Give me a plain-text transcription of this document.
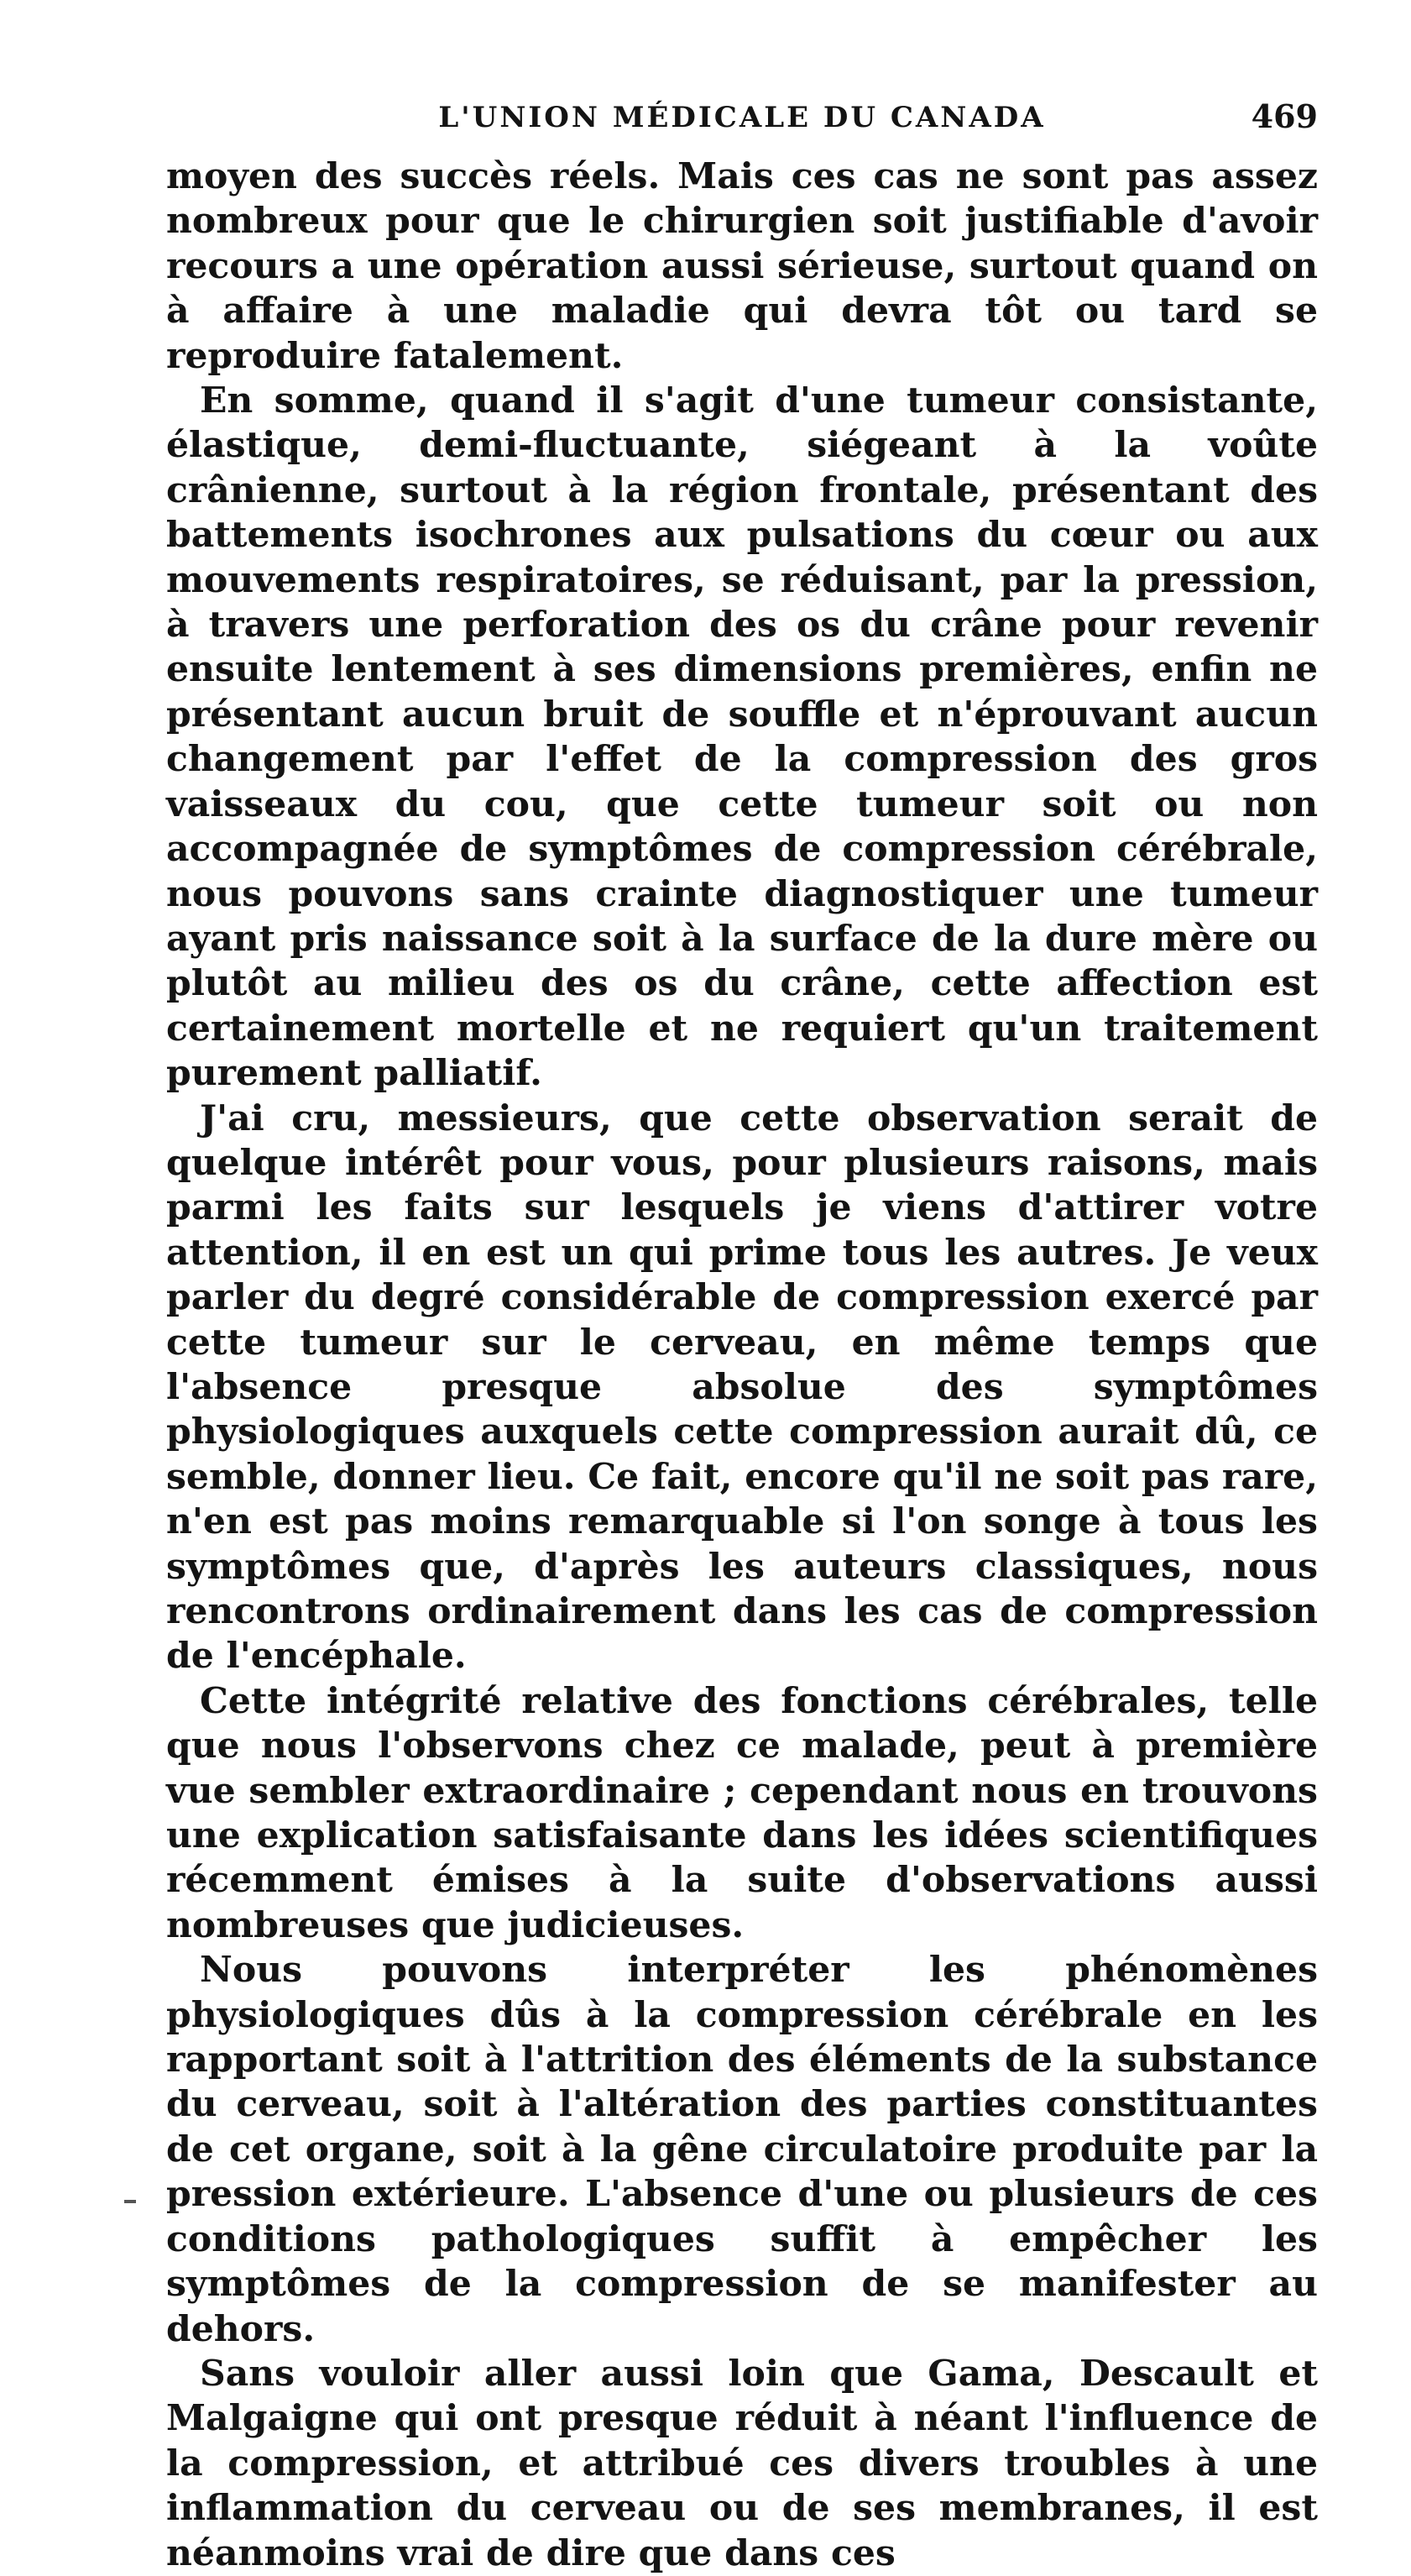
L'UNION MÉDICALE DU CANADA	469

moyen des succès réels. Mais ces cas ne sont pas assez nombreux pour que le chirurgien soit justifiable d'avoir recours a une opération aussi sérieuse, surtout quand on à affaire à une maladie qui devra tôt ou tard se reproduire fatalement.

En somme, quand il s'agit d'une tumeur consistante, élastique, demi-fluctuante, siégeant à la voûte crânienne, surtout à la région frontale, présentant des battements isochrones aux pulsations du cœur ou aux mouvements respiratoires, se réduisant, par la pression, à travers une perforation des os du crâne pour revenir ensuite lentement à ses dimensions premières, enfin ne présentant aucun bruit de souffle et n'éprouvant aucun changement par l'effet de la compression des gros vaisseaux du cou, que cette tumeur soit ou non accompagnée de symptômes de compression cérébrale, nous pouvons sans crainte diagnostiquer une tumeur ayant pris naissance soit à la surface de la dure mère ou plutôt au milieu des os du crâne, cette affection est certainement mortelle et ne requiert qu'un traitement purement palliatif.

J'ai cru, messieurs, que cette observation serait de quelque intérêt pour vous, pour plusieurs raisons, mais parmi les faits sur lesquels je viens d'attirer votre attention, il en est un qui prime tous les autres. Je veux parler du degré considérable de compression exercé par cette tumeur sur le cerveau, en même temps que l'absence presque absolue des symptômes physiologiques auxquels cette compression aurait dû, ce semble, donner lieu. Ce fait, encore qu'il ne soit pas rare, n'en est pas moins remarquable si l'on songe à tous les symptômes que, d'après les auteurs classiques, nous rencontrons ordinairement dans les cas de compression de l'encéphale.

Cette intégrité relative des fonctions cérébrales, telle que nous l'observons chez ce malade, peut à première vue sembler extraordinaire ; cependant nous en trouvons une explication satisfaisante dans les idées scientifiques récemment émises à la suite d'observations aussi nombreuses que judicieuses.

Nous pouvons interpréter les phénomènes physiologiques dûs à la compression cérébrale en les rapportant soit à l'attrition des éléments de la substance du cerveau, soit à l'altération des parties constituantes de cet organe, soit à la gêne circulatoire produite par la pression extérieure. L'absence d'une ou plusieurs de ces conditions pathologiques suffit à empêcher les symptômes de la compression de se manifester au dehors.

Sans vouloir aller aussi loin que Gama, Descault et Malgaigne qui ont presque réduit à néant l'influence de la compression, et attribué ces divers troubles à une inflammation du cerveau ou de ses membranes, il est néanmoins vrai de dire que dans ces
